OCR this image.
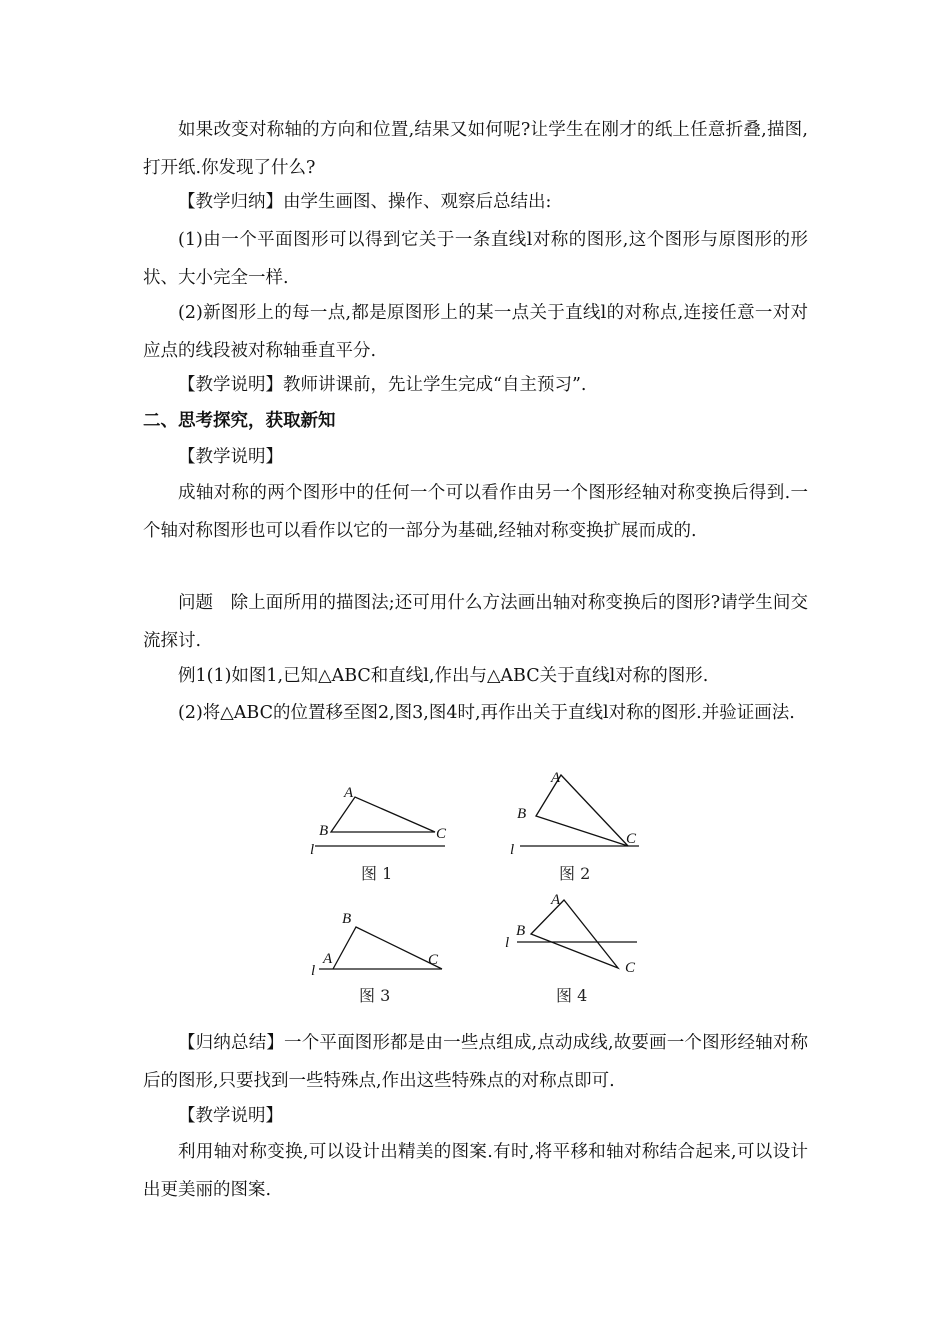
如果改变对称轴的方向和位置,结果又如何呢?让学生在刚才的纸上任意折叠,描图,打开纸.你发现了什么?

【教学归纳】由学生画图、操作、观察后总结出:

(1)由一个平面图形可以得到它关于一条直线l对称的图形,这个图形与原图形的形状、大小完全一样.

(2)新图形上的每一点,都是原图形上的某一点关于直线l的对称点,连接任意一对对应点的线段被对称轴垂直平分.

【教学说明】教师讲课前，先让学生完成“自主预习”.

二、思考探究，获取新知

【教学说明】

成轴对称的两个图形中的任何一个可以看作由另一个图形经轴对称变换后得到.一个轴对称图形也可以看作以它的一部分为基础,经轴对称变换扩展而成的.

问题　除上面所用的描图法;还可用什么方法画出轴对称变换后的图形?请学生间交流探讨.

例1(1)如图1,已知△ABC和直线l,作出与△ABC关于直线l对称的图形.

(2)将△ABC的位置移至图2,图3,图4时,再作出关于直线l对称的图形.并验证画法.

A
B	C
l
图 1
A
B
C
l
图 2
B
A	C
l
图 3
A
B
C
l
图 4

【归纳总结】一个平面图形都是由一些点组成,点动成线,故要画一个图形经轴对称后的图形,只要找到一些特殊点,作出这些特殊点的对称点即可.

【教学说明】

利用轴对称变换,可以设计出精美的图案.有时,将平移和轴对称结合起来,可以设计出更美丽的图案.
